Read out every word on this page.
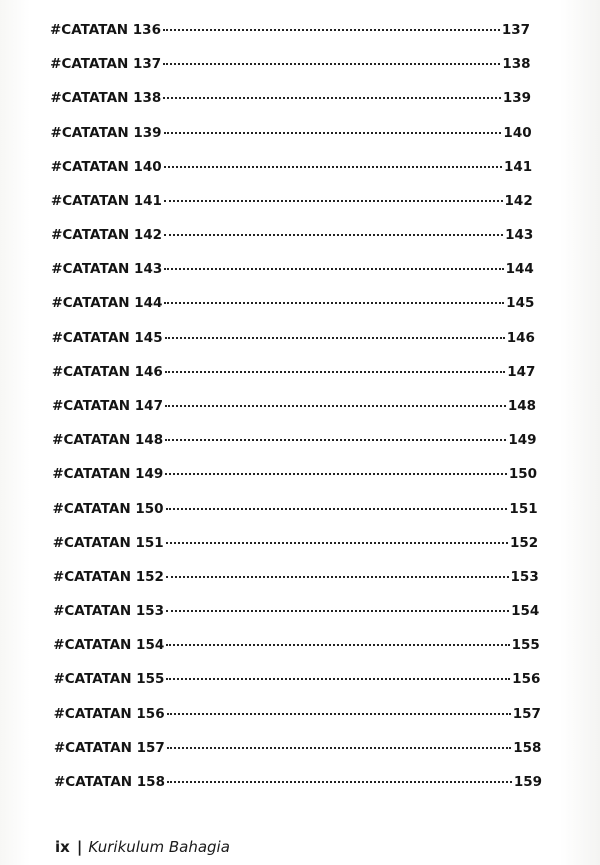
#CATATAN 136	137
#CATATAN 137	138
#CATATAN 138	139
#CATATAN 139	140
#CATATAN 140	141
#CATATAN 141	142
#CATATAN 142	143
#CATATAN 143	144
#CATATAN 144	145
#CATATAN 145	146
#CATATAN 146	147
#CATATAN 147	148
#CATATAN 148	149
#CATATAN 149	150
#CATATAN 150	151
#CATATAN 151	152
#CATATAN 152	153
#CATATAN 153	154
#CATATAN 154	155
#CATATAN 155	156
#CATATAN 156	157
#CATATAN 157	158
#CATATAN 158	159
ix | Kurikulum Bahagia
